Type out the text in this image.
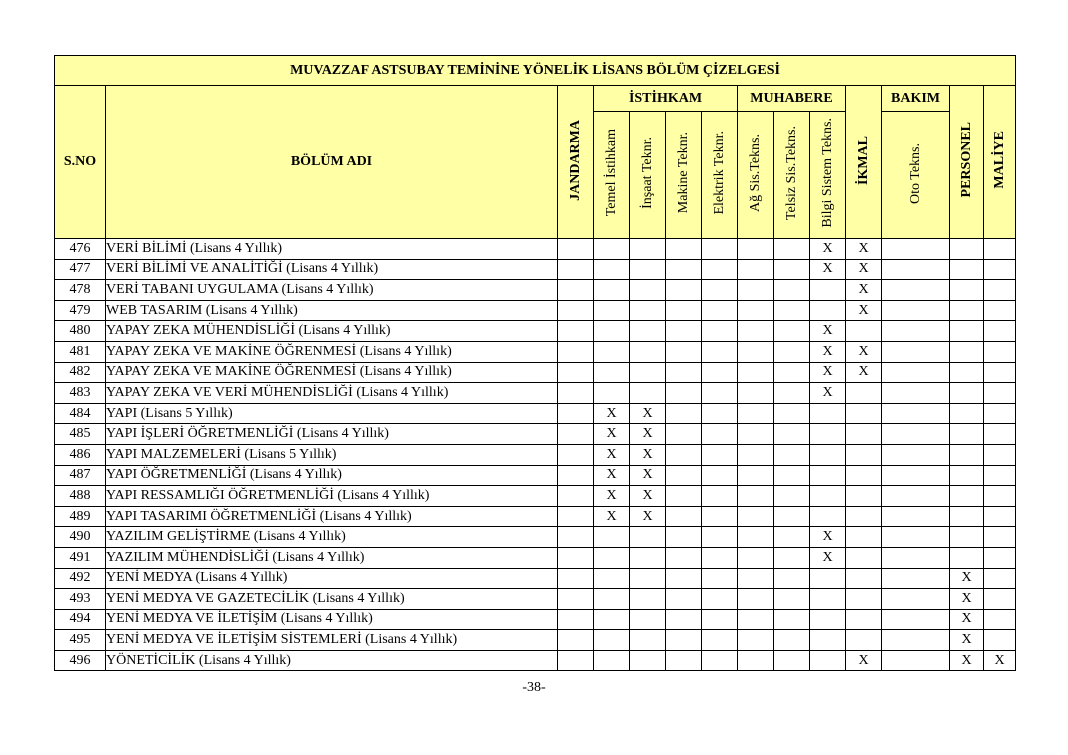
MUVAZZAF ASTSUBAY TEMİNİNE YÖNELİK LİSANS BÖLÜM ÇİZELGESİ													
S.NO	BÖLÜM ADI	JANDARMA	İSTİHKAM				MUHABERE			İKMAL	BAKIM	PERSONEL	MALİYE
			Temel İstihkam	İnşaat Teknr.	Makine Teknr.	Elektrik Teknr.	Ağ Sis.Tekns.	Telsiz Sis.Tekns.	Bilgi Sistem Tekns.		Oto Tekns.		
476	VERİ BİLİMİ (Lisans 4 Yıllık)								X	X			
477	VERİ BİLİMİ VE ANALİTİĞİ (Lisans 4 Yıllık)								X	X			
478	VERİ TABANI UYGULAMA (Lisans 4 Yıllık)									X			
479	WEB TASARIM (Lisans 4 Yıllık)									X			
480	YAPAY ZEKA MÜHENDİSLİĞİ (Lisans 4 Yıllık)								X				
481	YAPAY ZEKA VE MAKİNE ÖĞRENMESİ (Lisans 4 Yıllık)								X	X			
482	YAPAY ZEKA VE MAKİNE ÖĞRENMESİ (Lisans 4 Yıllık)								X	X			
483	YAPAY ZEKA VE VERİ MÜHENDİSLİĞİ (Lisans 4 Yıllık)								X				
484	YAPI (Lisans 5 Yıllık)		X	X									
485	YAPI İŞLERİ ÖĞRETMENLİĞİ (Lisans 4 Yıllık)		X	X									
486	YAPI MALZEMELERİ (Lisans 5 Yıllık)		X	X									
487	YAPI ÖĞRETMENLİĞİ (Lisans 4 Yıllık)		X	X									
488	YAPI RESSAMLIĞI ÖĞRETMENLİĞİ (Lisans 4 Yıllık)		X	X									
489	YAPI TASARIMI ÖĞRETMENLİĞİ (Lisans 4 Yıllık)		X	X									
490	YAZILIM GELİŞTİRME (Lisans 4 Yıllık)								X				
491	YAZILIM MÜHENDİSLİĞİ (Lisans 4 Yıllık)								X				
492	YENİ MEDYA (Lisans 4 Yıllık)											X	
493	YENİ MEDYA VE GAZETECİLİK (Lisans 4 Yıllık)											X	
494	YENİ MEDYA VE İLETİŞİM (Lisans 4 Yıllık)											X	
495	YENİ MEDYA VE İLETİŞİM SİSTEMLERİ (Lisans 4 Yıllık)											X	
496	YÖNETİCİLİK (Lisans 4 Yıllık)									X		X	X
-38-
